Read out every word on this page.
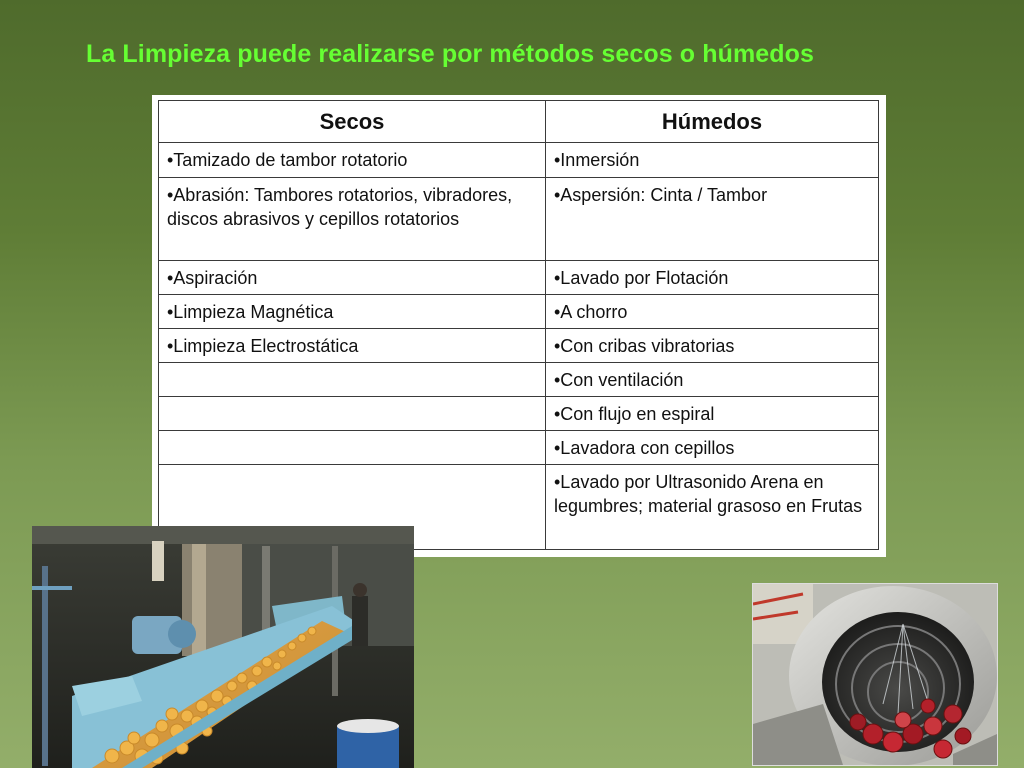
La Limpieza puede realizarse por métodos secos o húmedos
Secos	Húmedos
•Tamizado de tambor rotatorio	•Inmersión
•Abrasión: Tambores rotatorios, vibradores, discos abrasivos y cepillos rotatorios	•Aspersión: Cinta / Tambor
•Aspiración	•Lavado por Flotación
•Limpieza Magnética	•A chorro
•Limpieza Electrostática	•Con cribas vibratorias
	•Con ventilación
	•Con flujo en espiral
	•Lavadora con cepillos
	•Lavado por Ultrasonido Arena en legumbres; material grasoso en Frutas
